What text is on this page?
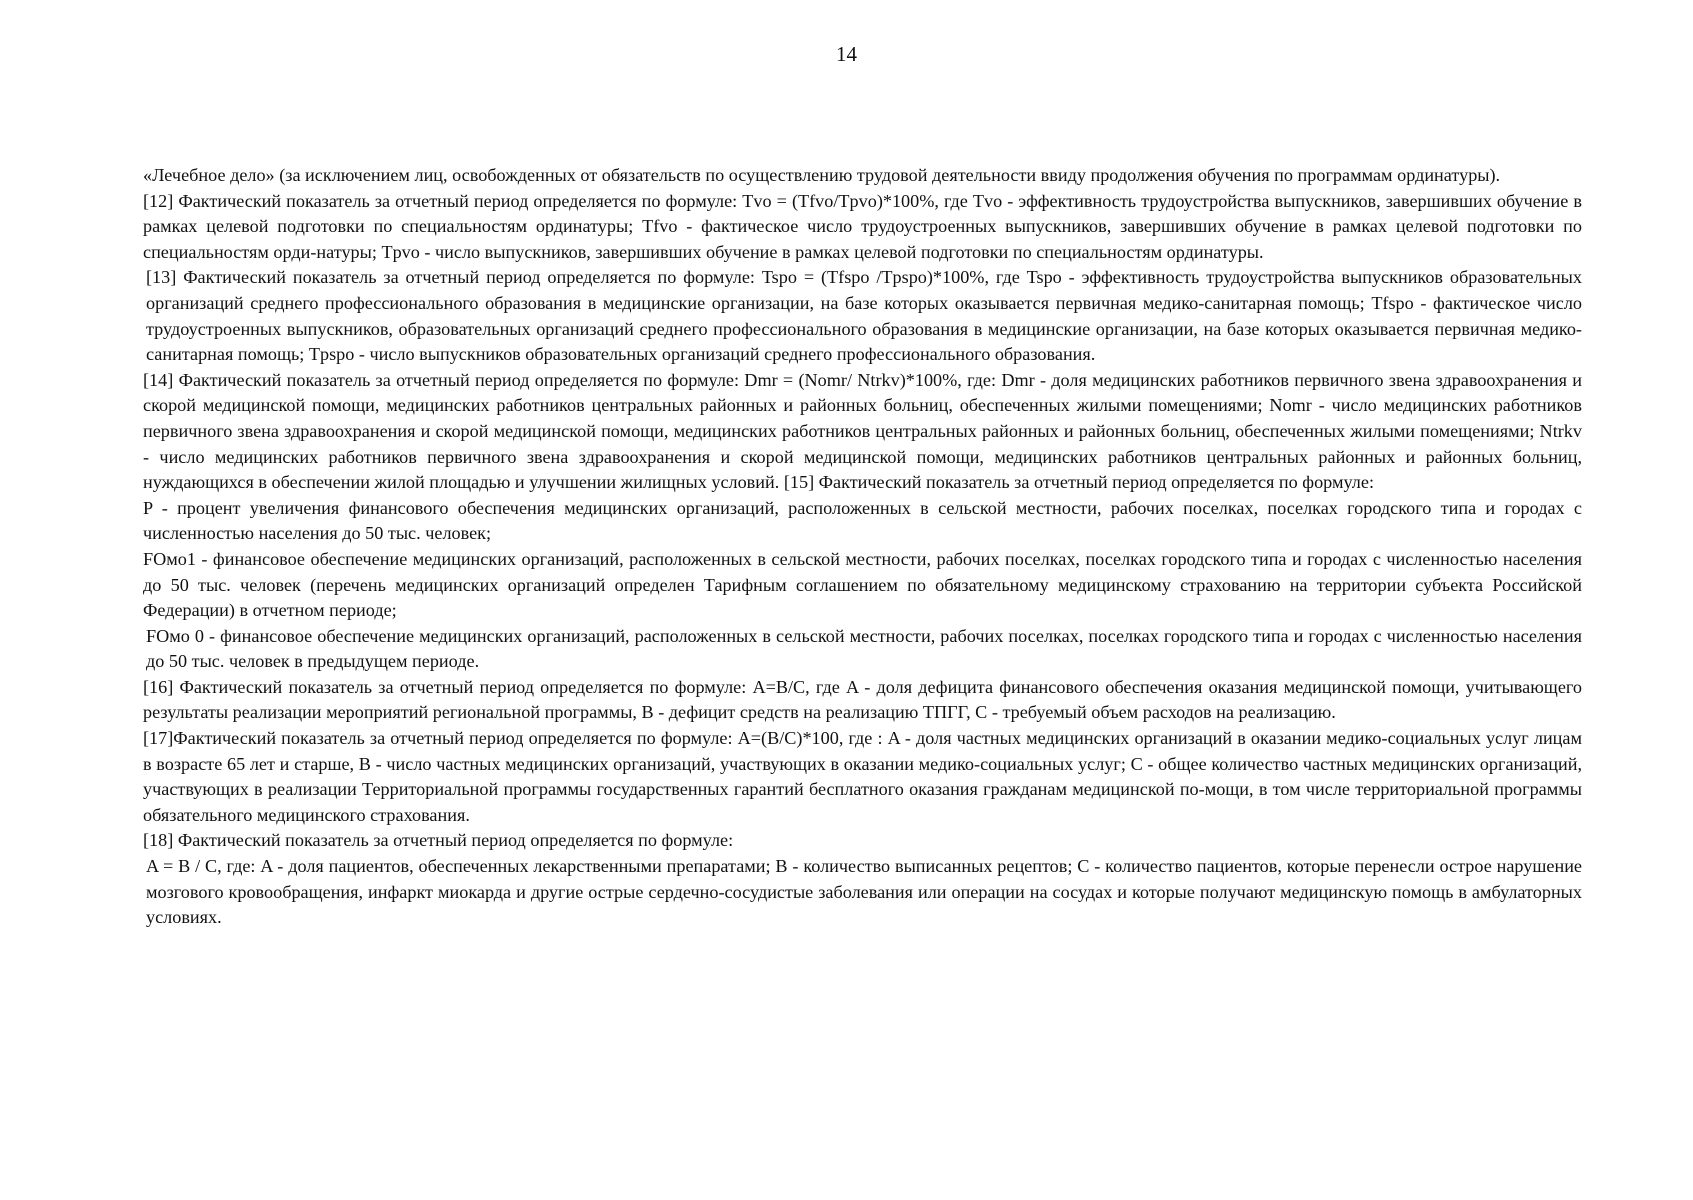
14

«Лечебное дело» (за исключением лиц, освобожденных от обязательств по осуществлению трудовой деятельности ввиду продолжения обучения по программам ординатуры).

[12] Фактический показатель за отчетный период определяется по формуле: Tvo = (Tfvo/Tpvo)*100%, где Tvo - эффективность трудоустройства выпускников, завершивших обучение в рамках целевой подготовки по специальностям ординатуры; Tfvo - фактическое число трудоустроенных выпускников, завершивших обучение в рамках целевой подготовки по специальностям орди-натуры; Tpvo - число выпускников, завершивших обучение в рамках целевой подготовки по специальностям ординатуры.

[13] Фактический показатель за отчетный период определяется по формуле: Tspo = (Tfspo /Tpspo)*100%, где Tspo - эффективность трудоустройства выпускников образовательных организаций среднего профессионального образования в медицинские организации, на базе которых оказывается первичная медико-санитарная помощь; Tfspo - фактическое число трудоустроенных выпускников, образовательных организаций среднего профессионального образования в медицинские организации, на базе которых оказывается первичная медико-санитарная помощь; Tpspo - число выпускников образовательных организаций среднего профессионального образования.

[14] Фактический показатель за отчетный период определяется по формуле: Dmr = (Nomr/ Ntrkv)*100%, где: Dmr - доля медицинских работников первичного звена здравоохранения и скорой медицинской помощи, медицинских работников центральных районных и районных больниц, обеспеченных жилыми помещениями; Nomr - число медицинских работников первичного звена здравоохранения и скорой медицинской помощи, медицинских работников центральных районных и районных больниц, обеспеченных жилыми помещениями; Ntrkv - число медицинских работников первичного звена здравоохранения и скорой медицинской помощи, медицинских работников центральных районных и районных больниц, нуждающихся в обеспечении жилой площадью и улучшении жилищных условий. [15] Фактический показатель за отчетный период определяется по формуле:

P - процент увеличения финансового обеспечения медицинских организаций, расположенных в сельской местности, рабочих поселках, поселках городского типа и городах с численностью населения до 50 тыс. человек;

FOмо1 - финансовое обеспечение медицинских организаций, расположенных в сельской местности, рабочих поселках, поселках городского типа и городах с численностью населения до 50 тыс. человек (перечень медицинских организаций определен Тарифным соглашением по обязательному медицинскому страхованию на территории субъекта Российской Федерации) в отчетном периоде;

FOмо 0 - финансовое обеспечение медицинских организаций, расположенных в сельской местности, рабочих поселках, поселках городского типа и городах с численностью населения до 50 тыс. человек в предыдущем периоде.

[16] Фактический показатель за отчетный период определяется по формуле: A=B/C, где A - доля дефицита финансового обеспечения оказания медицинской помощи, учитывающего результаты реализации мероприятий региональной программы, B - дефицит средств на реализацию ТПГГ, C - требуемый объем расходов на реализацию.

[17]Фактический показатель за отчетный период определяется по формуле: A=(B/C)*100, где : A - доля частных медицинских организаций в оказании медико-социальных услуг лицам в возрасте 65 лет и старше, B - число частных медицинских организаций, участвующих в оказании медико-социальных услуг; C - общее количество частных медицинских организаций, участвующих в реализации Территориальной программы государственных гарантий бесплатного оказания гражданам медицинской по-мощи, в том числе территориальной программы обязательного медицинского страхования.

[18] Фактический показатель за отчетный период определяется по формуле:

A = B / C, где: A - доля пациентов, обеспеченных лекарственными препаратами; B - количество выписанных рецептов; C - количество пациентов, которые перенесли острое нарушение мозгового кровообращения, инфаркт миокарда и другие острые сердечно-сосудистые заболевания или операции на сосудах и которые получают медицинскую помощь в амбулаторных условиях.
